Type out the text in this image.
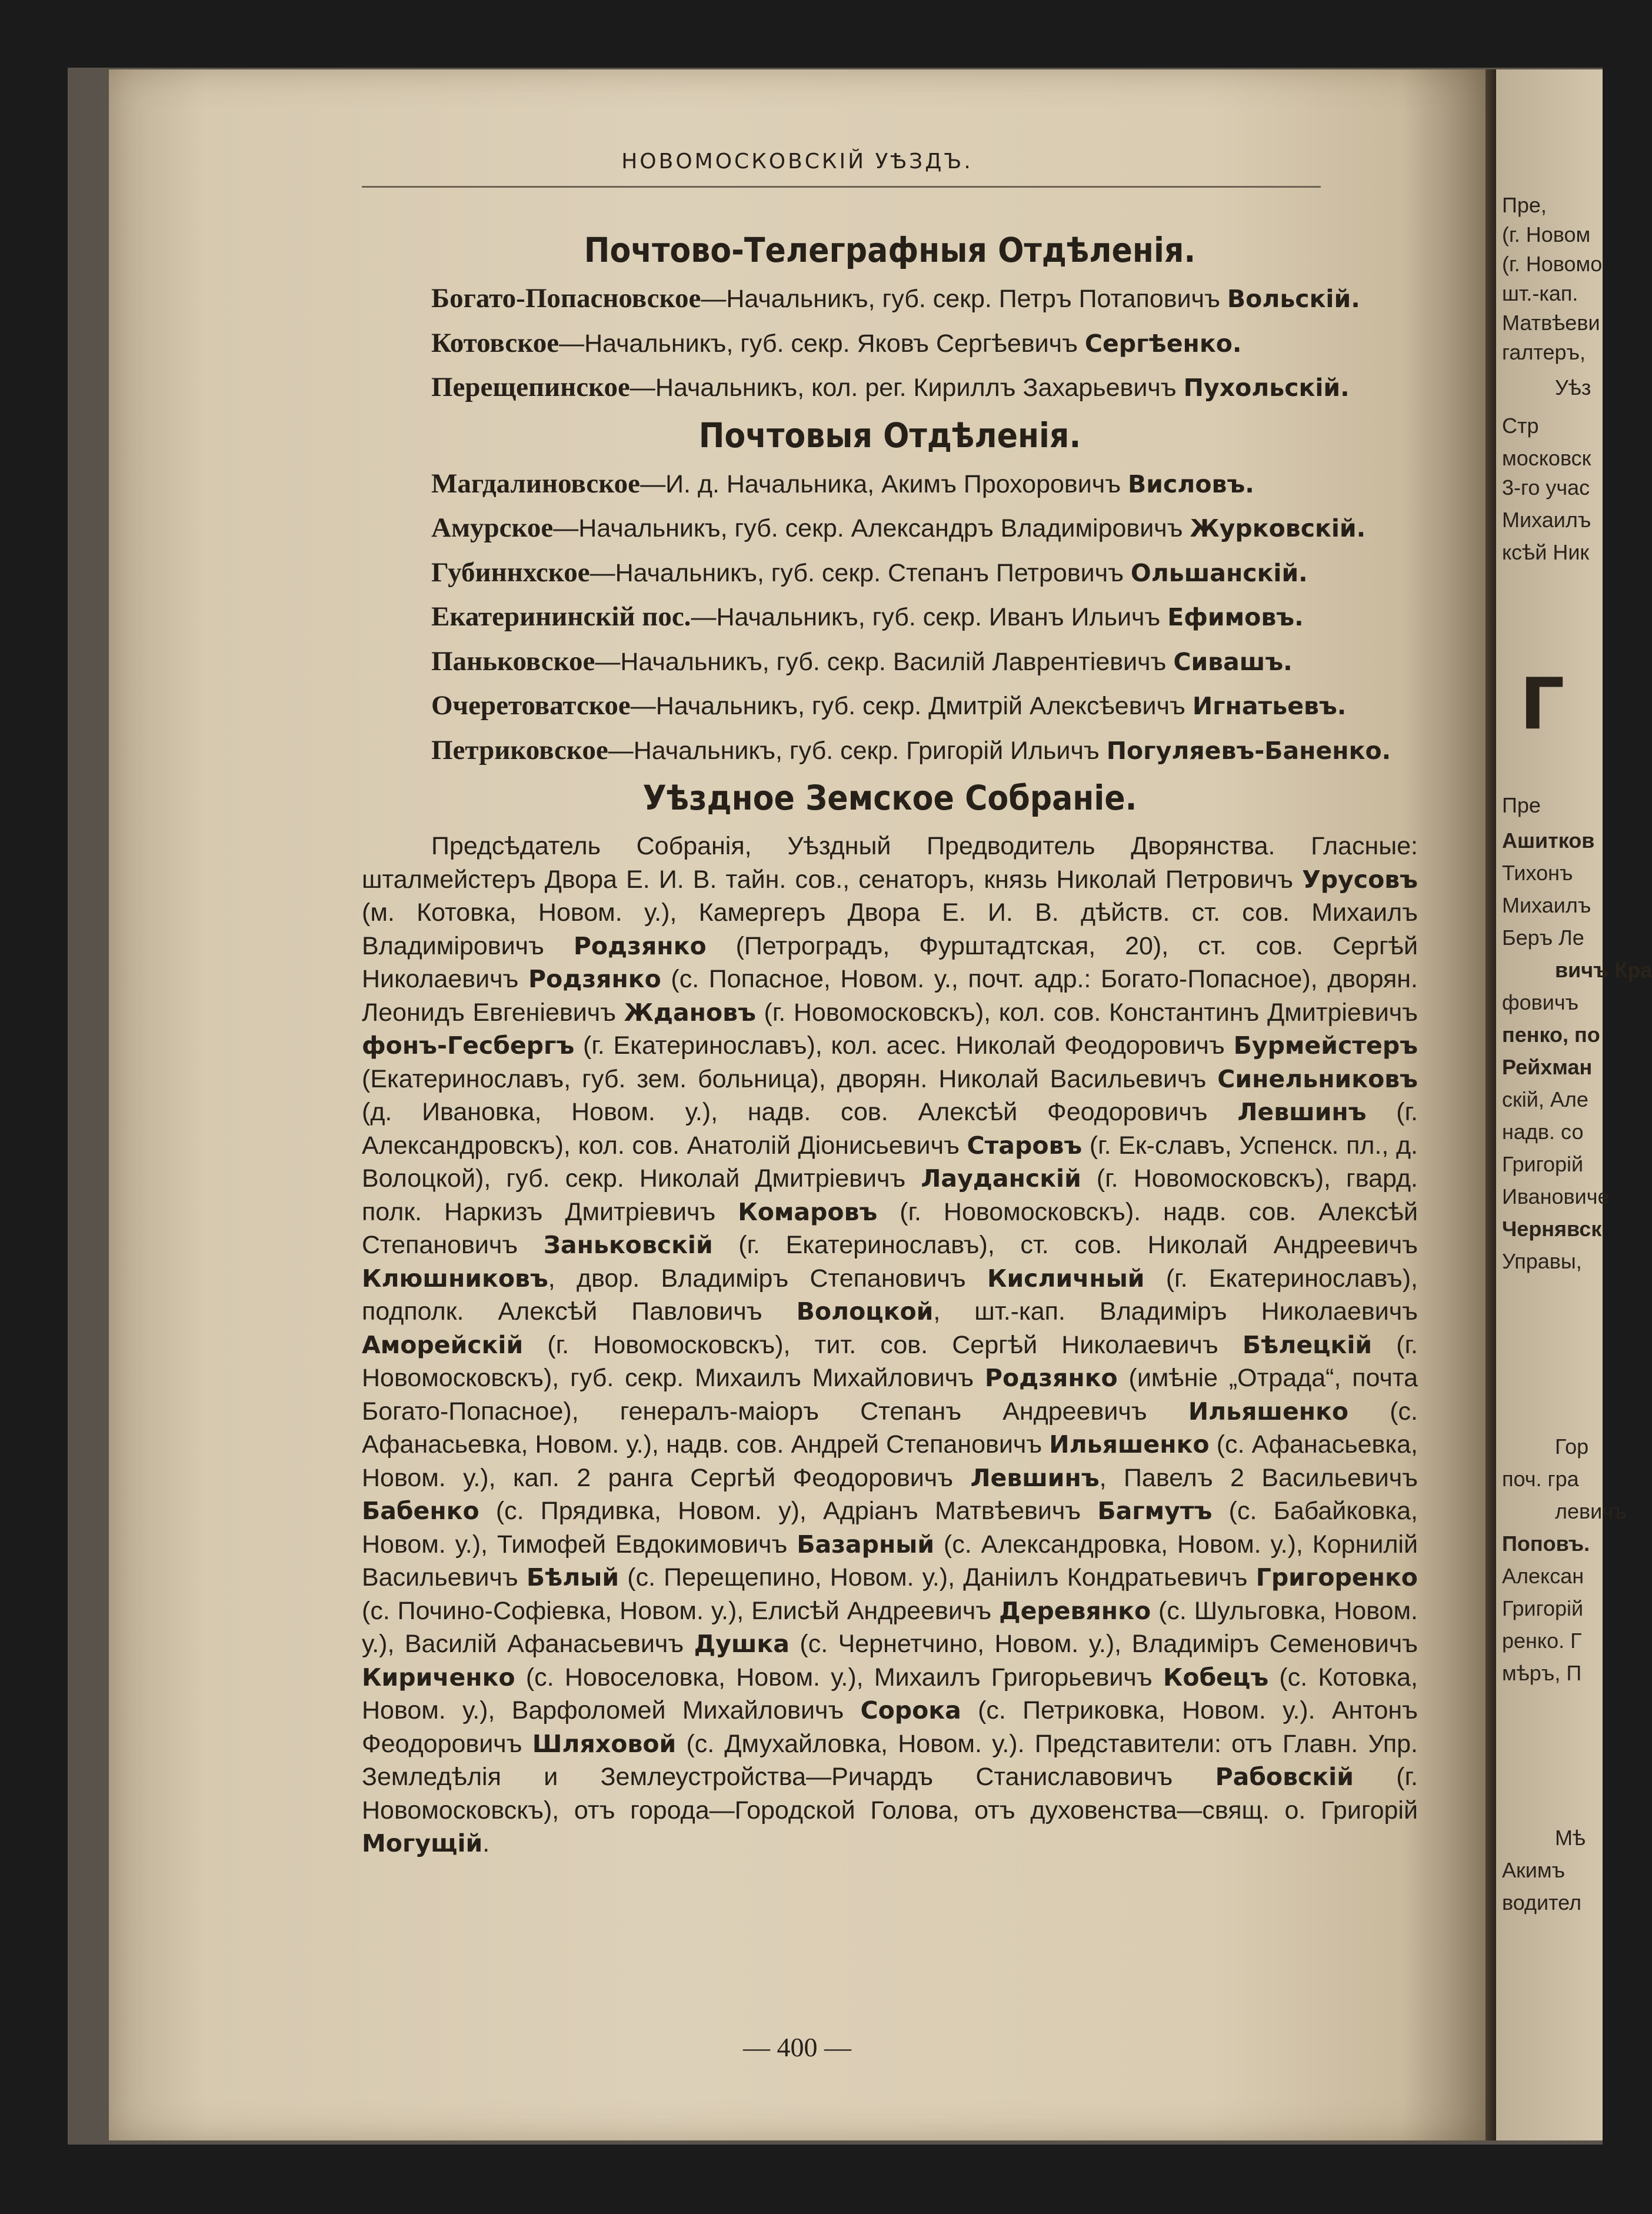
НОВОМОСКОВСКІЙ УѢЗДЪ.
Почтово-Телеграфныя Отдѣленія.

Богато-Попасновское—Начальникъ, губ. секр. Петръ Потаповичъ Вольскій.

Котовское—Начальникъ, губ. секр. Яковъ Сергѣевичъ Сергѣенко.

Перещепинское—Начальникъ, кол. рег. Кириллъ Захарьевичъ Пухольскій.

Почтовыя Отдѣленія.

Магдалиновское—И. д. Начальника, Акимъ Прохоровичъ Висловъ.

Амурское—Начальникъ, губ. секр. Александръ Владиміровичъ Журковскій.

Губиннхское—Начальникъ, губ. секр. Степанъ Петровичъ Ольшанскій.

Екатерининскій пос.—Начальникъ, губ. секр. Иванъ Ильичъ Ефимовъ.

Паньковское—Начальникъ, губ. секр. Василій Лаврентіевичъ Сивашъ.

Очеретоватское—Начальникъ, губ. секр. Дмитрій Алексѣевичъ Игнатьевъ.

Петриковское—Начальникъ, губ. секр. Григорій Ильичъ Погуляевъ-Баненко.

Уѣздное Земское Собраніе.

Предсѣдатель Собранія, Уѣздный Предводитель Дворянства. Гласные: шталмейстеръ Двора Е. И. В. тайн. сов., сенаторъ, князь Николай Петровичъ Урусовъ (м. Котовка, Новом. у.), Камергеръ Двора Е. И. В. дѣйств. ст. сов. Михаилъ Владиміровичъ Родзянко (Петроградъ, Фурштадтская, 20), ст. сов. Сергѣй Николаевичъ Родзянко (с. Попасное, Новом. у., почт. адр.: Богато-Попасное), дворян. Леонидъ Евгеніевичъ Ждановъ (г. Новомосковскъ), кол. сов. Константинъ Дмитріевичъ фонъ-Гесбергъ (г. Екатеринославъ), кол. асес. Николай Феодоровичъ Бурмейстеръ (Екатеринославъ, губ. зем. больница), дворян. Николай Васильевичъ Синельниковъ (д. Ивановка, Новом. у.), надв. сов. Алексѣй Феодоровичъ Левшинъ (г. Александровскъ), кол. сов. Анатолій Діонисьевичъ Старовъ (г. Ек-славъ, Успенск. пл., д. Волоцкой), губ. секр. Николай Дмитріевичъ Лауданскій (г. Новомосковскъ), гвард. полк. Наркизъ Дмитріевичъ Комаровъ (г. Новомосковскъ). надв. сов. Алексѣй Степановичъ Заньковскій (г. Екатеринославъ), ст. сов. Николай Андреевичъ Клюшниковъ, двор. Владиміръ Степановичъ Кисличный (г. Екатеринославъ), подполк. Алексѣй Павловичъ Волоцкой, шт.-кап. Владиміръ Николаевичъ Аморейскій (г. Новомосковскъ), тит. сов. Сергѣй Николаевичъ Бѣлецкій (г. Новомосковскъ), губ. секр. Михаилъ Михайловичъ Родзянко (имѣніе „Отрада“, почта Богато-Попасное), генералъ-маіоръ Степанъ Андреевичъ Ильяшенко (с. Афанасьевка, Новом. у.), надв. сов. Андрей Степановичъ Ильяшенко (с. Афанасьевка, Новом. у.), кап. 2 ранга Сергѣй Феодоровичъ Левшинъ, Павелъ 2 Васильевичъ Бабенко (с. Прядивка, Новом. у), Адріанъ Матвѣевичъ Багмутъ (с. Бабайковка, Новом. у.), Тимофей Евдокимовичъ Базарный (с. Александровка, Новом. у.), Корнилій Васильевичъ Бѣлый (с. Перещепино, Новом. у.), Даніилъ Кондратьевичъ Григоренко (с. Почино-Софіевка, Новом. у.), Елисѣй Андреевичъ Деревянко (с. Шульговка, Новом. у.), Василій Афанасьевичъ Душка (с. Чернетчино, Новом. у.), Владиміръ Семеновичъ Кириченко (с. Новоселовка, Новом. у.), Михаилъ Григорьевичъ Кобецъ (с. Котовка, Новом. у.), Варфоломей Михайловичъ Сорока (с. Петриковка, Новом. у.). Антонъ Феодоровичъ Шляховой (с. Дмухайловка, Новом. у.). Представители: отъ Главн. Упр. Земледѣлія и Землеустройства—Ричардъ Станиславовичъ Рабовскій (г. Новомосковскъ), отъ города—Городской Голова, отъ духовенства—свящ. о. Григорій Могущій.

— 400 —
Пре,
(г. Новом
(г. Новомо
шт.-кап.
Матвѣеви
галтеръ,
Уѣз
Стр
московск
3-го учас
Михаилъ
ксѣй Ник
Г
Пре
Ашитков
Тихонъ
Михаилъ
Беръ Ле
вичъ Кра
фовичъ
пенко, по
Рейхман
скій, Але
надв. со
Григорій
Ивановиче
Чернявск
Управы,
Гор
поч. гра
левичъ
Поповъ.
Алексан
Григорій
ренко. Г
мѣръ, П
Мѣ
Акимъ
водител
